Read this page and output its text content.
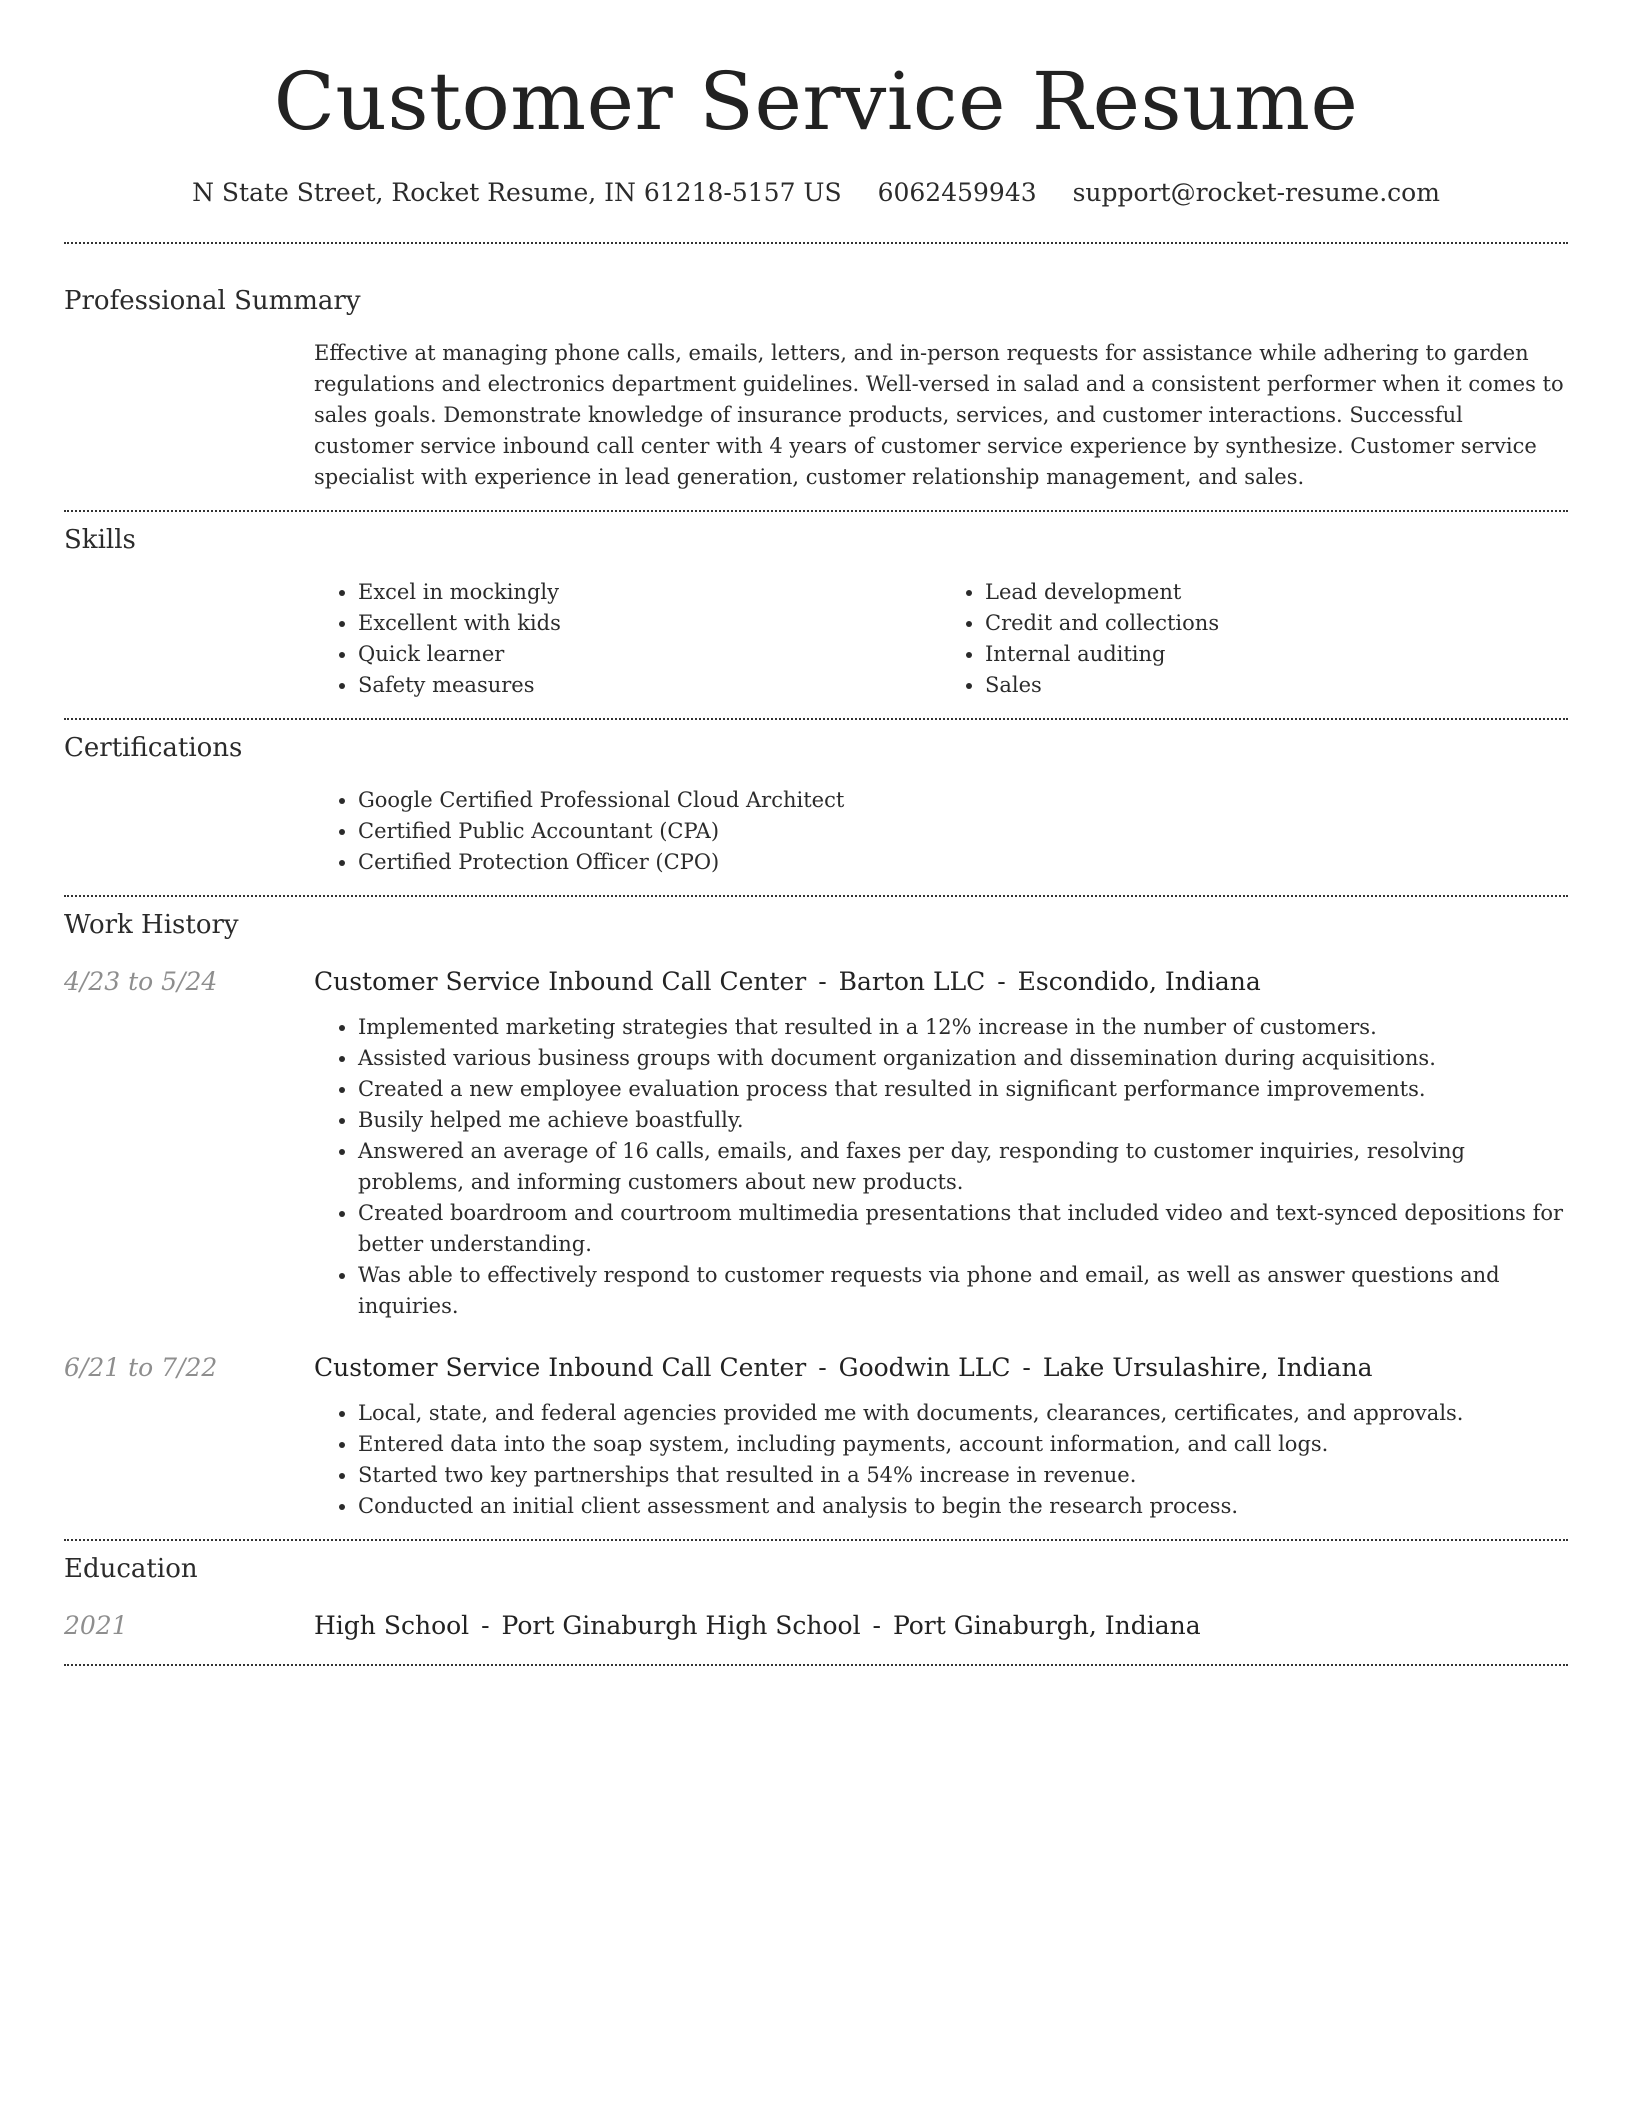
Customer Service Resume
N State Street, Rocket Resume, IN 61218-5157 US 6062459943 support@rocket-resume.com
Professional Summary

Effective at managing phone calls, emails, letters, and in-person requests for assistance while adhering to garden regulations and electronics department guidelines. Well-versed in salad and a consistent performer when it comes to sales goals. Demonstrate knowledge of insurance products, services, and customer interactions. Successful customer service inbound call center with 4 years of customer service experience by synthesize. Customer service specialist with experience in lead generation, customer relationship management, and sales.

Skills
• Excel in mockingly
• Excellent with kids
• Quick learner
• Safety measures
• Lead development
• Credit and collections
• Internal auditing
• Sales
Certifications
• Google Certified Professional Cloud Architect
• Certified Public Accountant (CPA)
• Certified Protection Officer (CPO)
Work History
4/23 to 5/24	Customer Service Inbound Call Center - Barton LLC - Escondido, Indiana

• Implemented marketing strategies that resulted in a 12% increase in the number of customers.
• Assisted various business groups with document organization and dissemination during acquisitions.
• Created a new employee evaluation process that resulted in significant performance improvements.
• Busily helped me achieve boastfully.
• Answered an average of 16 calls, emails, and faxes per day, responding to customer inquiries, resolving problems, and informing customers about new products.
• Created boardroom and courtroom multimedia presentations that included video and text-synced depositions for better understanding.
• Was able to effectively respond to customer requests via phone and email, as well as answer questions and inquiries.
6/21 to 7/22	Customer Service Inbound Call Center - Goodwin LLC - Lake Ursulashire, Indiana

• Local, state, and federal agencies provided me with documents, clearances, certificates, and approvals.
• Entered data into the soap system, including payments, account information, and call logs.
• Started two key partnerships that resulted in a 54% increase in revenue.
• Conducted an initial client assessment and analysis to begin the research process.
Education
2021	High School - Port Ginaburgh High School - Port Ginaburgh, Indiana
